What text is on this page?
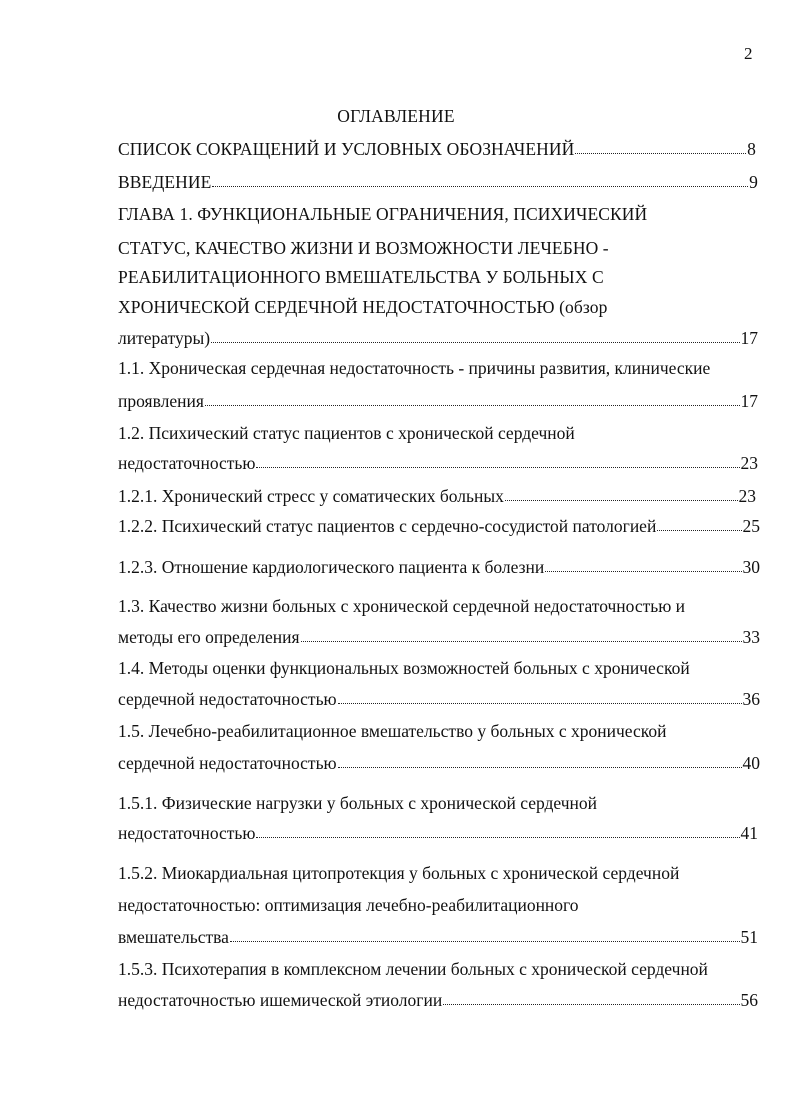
2
ОГЛАВЛЕНИЕ
СПИСОК СОКРАЩЕНИЙ И УСЛОВНЫХ ОБОЗНАЧЕНИЙ	8
ВВЕДЕНИЕ	9
ГЛАВА 1. ФУНКЦИОНАЛЬНЫЕ ОГРАНИЧЕНИЯ, ПСИХИЧЕСКИЙ
СТАТУС, КАЧЕСТВО ЖИЗНИ И ВОЗМОЖНОСТИ ЛЕЧЕБНО -
РЕАБИЛИТАЦИОННОГО ВМЕШАТЕЛЬСТВА У БОЛЬНЫХ С
ХРОНИЧЕСКОЙ СЕРДЕЧНОЙ НЕДОСТАТОЧНОСТЬЮ (обзор
литературы)	17
1.1. Хроническая сердечная недостаточность - причины развития, клинические
проявления	17
1.2. Психический статус пациентов с хронической сердечной
недостаточностью	23
1.2.1. Хронический стресс у соматических больных	23
1.2.2. Психический статус пациентов с сердечно-сосудистой патологией	25
1.2.3. Отношение кардиологического пациента к болезни	30
1.3. Качество жизни больных с хронической сердечной недостаточностью и
методы его определения	33
1.4. Методы оценки функциональных возможностей больных с хронической
сердечной недостаточностью	36
1.5. Лечебно-реабилитационное вмешательство у больных с хронической
сердечной недостаточностью	40
1.5.1. Физические нагрузки у больных с хронической сердечной
недостаточностью	41
1.5.2. Миокардиальная цитопротекция у больных с хронической сердечной
недостаточностью: оптимизация лечебно-реабилитационного
вмешательства	51
1.5.3. Психотерапия в комплексном лечении больных с хронической сердечной
недостаточностью ишемической этиологии	56
